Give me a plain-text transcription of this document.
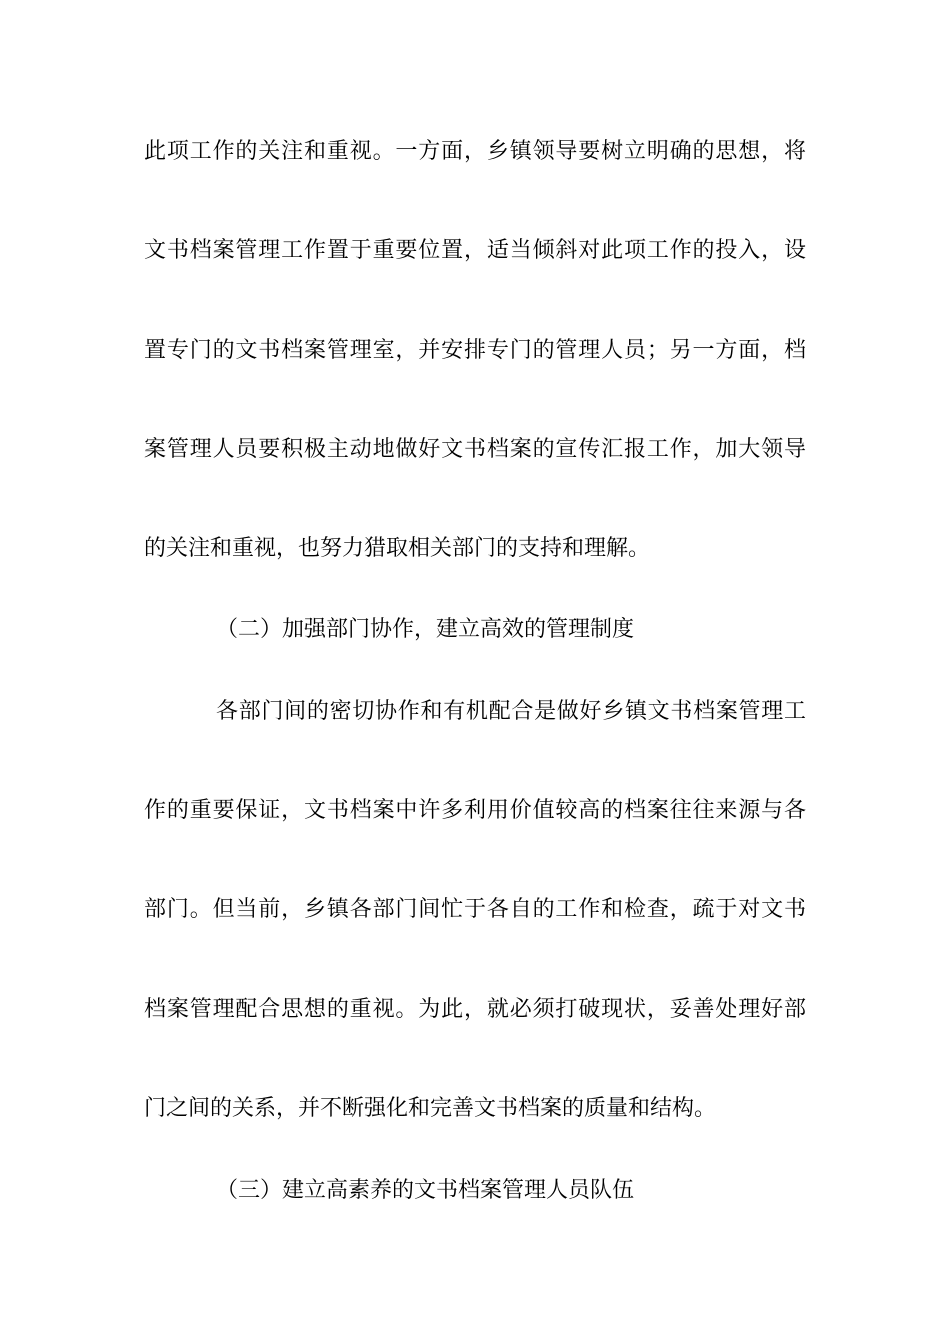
此项工作的关注和重视。一方面，乡镇领导要树立明确的思想，将
文书档案管理工作置于重要位置，适当倾斜对此项工作的投入，设
置专门的文书档案管理室，并安排专门的管理人员；另一方面，档
案管理人员要积极主动地做好文书档案的宣传汇报工作，加大领导
的关注和重视，也努力猎取相关部门的支持和理解。
（二）加强部门协作，建立高效的管理制度
各部门间的密切协作和有机配合是做好乡镇文书档案管理工
作的重要保证，文书档案中许多利用价值较高的档案往往来源与各
部门。但当前，乡镇各部门间忙于各自的工作和检查，疏于对文书
档案管理配合思想的重视。为此，就必须打破现状，妥善处理好部
门之间的关系，并不断强化和完善文书档案的质量和结构。
（三）建立高素养的文书档案管理人员队伍
